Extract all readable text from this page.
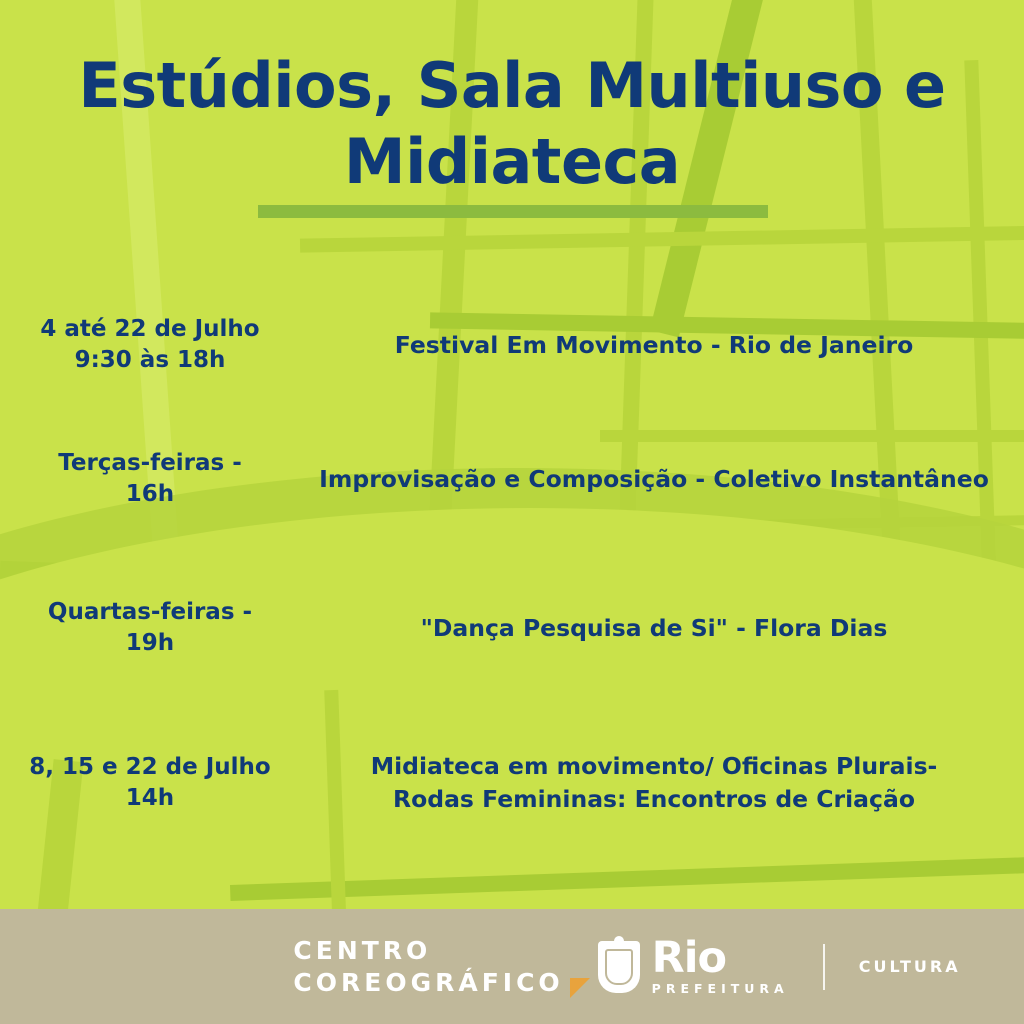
Estúdios, Sala Multiuso e
Midiateca
4 até 22 de Julho
9:30 às 18h
Festival Em Movimento - Rio de Janeiro
Terças-feiras -
16h
Improvisação e Composição - Coletivo Instantâneo
Quartas-feiras -
19h
"Dança Pesquisa de Si" - Flora Dias
8, 15 e 22 de Julho
14h
Midiateca em movimento/ Oficinas Plurais-
Rodas Femininas: Encontros de Criação
CENTRO
COREOGRÁFICO Rio
PREFEITURA
CULTURA
